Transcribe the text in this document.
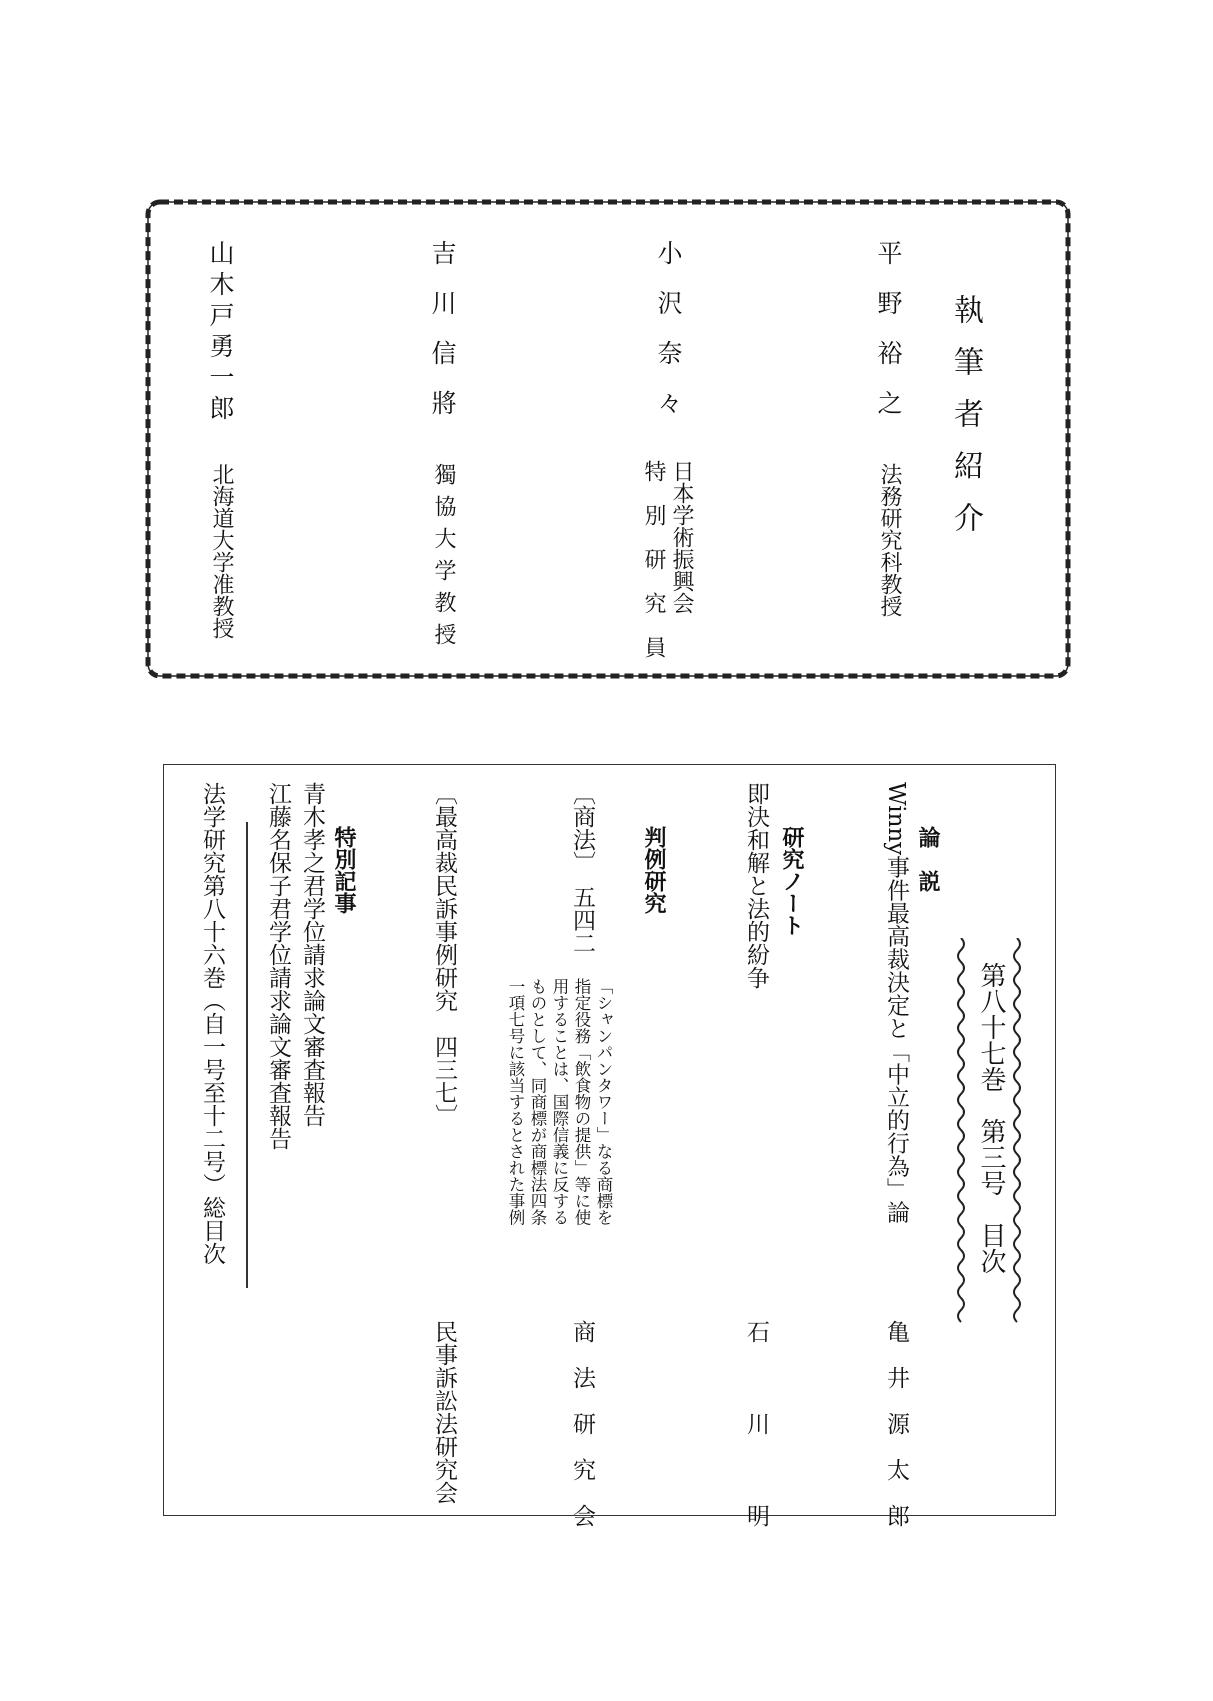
執筆者紹介
平　野　裕　之
法務研究科教授
小　沢　奈　々
日本学術振興会
特　別　研　究　員
吉　川　信　將
獨協大学教授
山木戸勇一郎
北海道大学准教授
第八十七巻　第三号　目次
論　説
Winny事件最高裁決定と「中立的行為」論
亀　井　源　太　郎
研究ノート
即決和解と法的紛争
石　　　川　　　明
判例研究
〔商法〕　五四二
「シャンパンタワー」なる商標を
指定役務「飲食物の提供」等に使
用することは、国際信義に反する
ものとして、同商標が商標法四条
一項七号に該当するとされた事例
商　法　研　究　会
〔最高裁民訴事例研究　四三七〕
民事訴訟法研究会
特別記事
青木孝之君学位請求論文審査報告
江藤名保子君学位請求論文審査報告
法学研究第八十六巻（自一号至十二号）総目次
